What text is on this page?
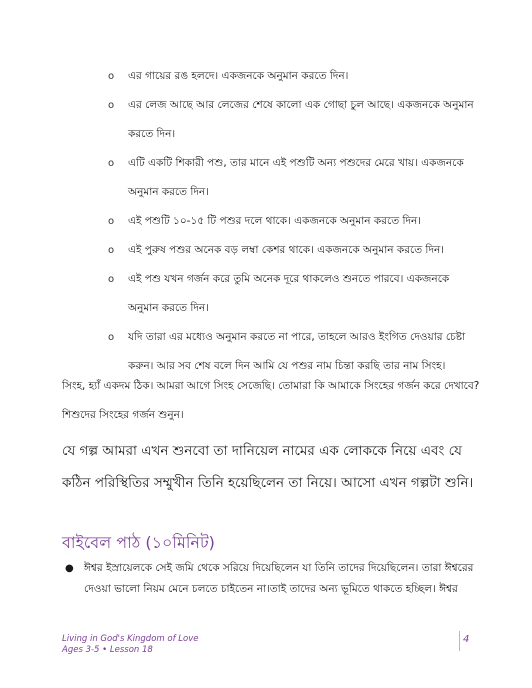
o এর গায়ের রঙ হলদে। একজনকে অনুমান করতে দিন।
o এর লেজ আছে আর লেজের শেষে কালো এক গোছা চুল আছে। একজনকে অনুমান করতে দিন।
o এটি একটি শিকারী পশু, তার মানে এই পশুটি অন্য পশুদের মেরে খায়। একজনকে অনুমান করতে দিন।
o এই পশুটি ১০-১৫ টি পশুর দলে থাকে। একজনকে অনুমান করতে দিন।
o এই পুরুষ পশুর অনেক বড় লম্বা কেশর থাকে। একজনকে অনুমান করতে দিন।
o এই পশু যখন গর্জন করে তুমি অনেক দূরে থাকলেও শুনতে পারবে। একজনকে অনুমান করতে দিন।
o যদি তারা এর মধ্যেও অনুমান করতে না পারে, তাহলে আরও ইংগিত দেওয়ার চেষ্টা করুন। আর সব শেষ বলে দিন আমি যে পশুর নাম চিন্তা করছি তার নাম সিংহ।

সিংহ, হ্যাঁ একদম ঠিক। আমরা আগে সিংহ সেজেছি। তোমারা কি আমাকে সিংহের গর্জন করে দেখাবে? শিশুদের সিংহের গর্জন শুনুন।

যে গল্প আমরা এখন শুনবো তা দানিয়েল নামের এক লোককে নিয়ে এবং যে কঠিন পরিস্থিতির সম্মুখীন তিনি হয়েছিলেন তা নিয়ে। আসো এখন গল্পটা শুনি।

বাইবেল পাঠ (১০মিনিট)
● ঈশ্বর ইস্রায়েলকে সেই জমি থেকে সরিয়ে দিয়েছিলেন যা তিনি তাদের দিয়েছিলেন। তারা ঈশ্বরের দেওয়া ভালো নিয়ম মেনে চলতে চাইতেন না।তাই তাদের অন্য ভূমিতে থাকতে হচ্ছিল। ঈশ্বর
Living in God's Kingdom of Love
Ages 3-5 • Lesson 18
4
